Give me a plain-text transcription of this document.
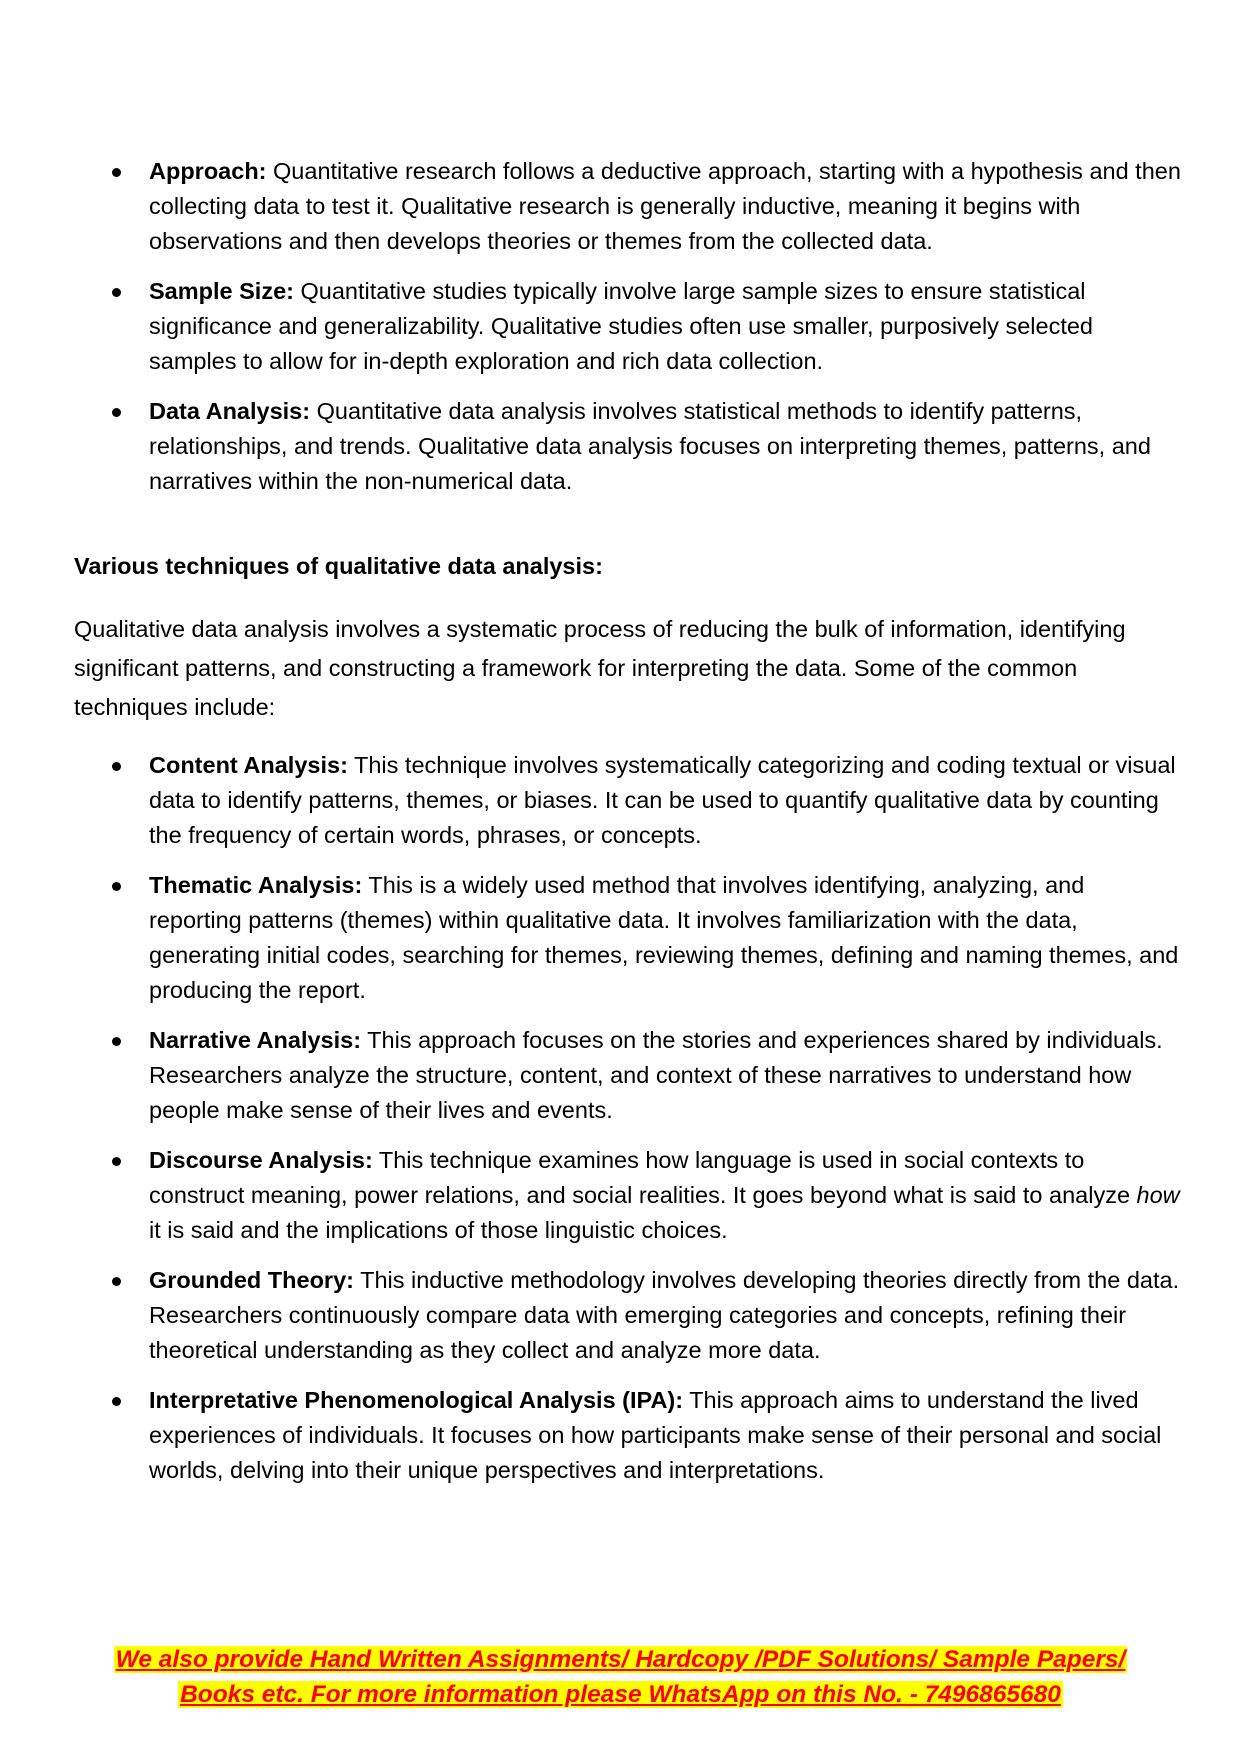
Approach: Quantitative research follows a deductive approach, starting with a hypothesis and then collecting data to test it. Qualitative research is generally inductive, meaning it begins with observations and then develops theories or themes from the collected data.
Sample Size: Quantitative studies typically involve large sample sizes to ensure statistical significance and generalizability. Qualitative studies often use smaller, purposively selected samples to allow for in-depth exploration and rich data collection.
Data Analysis: Quantitative data analysis involves statistical methods to identify patterns, relationships, and trends. Qualitative data analysis focuses on interpreting themes, patterns, and narratives within the non-numerical data.
Various techniques of qualitative data analysis:

Qualitative data analysis involves a systematic process of reducing the bulk of information, identifying significant patterns, and constructing a framework for interpreting the data. Some of the common techniques include:

Content Analysis: This technique involves systematically categorizing and coding textual or visual data to identify patterns, themes, or biases. It can be used to quantify qualitative data by counting the frequency of certain words, phrases, or concepts.
Thematic Analysis: This is a widely used method that involves identifying, analyzing, and reporting patterns (themes) within qualitative data. It involves familiarization with the data, generating initial codes, searching for themes, reviewing themes, defining and naming themes, and producing the report.
Narrative Analysis: This approach focuses on the stories and experiences shared by individuals. Researchers analyze the structure, content, and context of these narratives to understand how people make sense of their lives and events.
Discourse Analysis: This technique examines how language is used in social contexts to construct meaning, power relations, and social realities. It goes beyond what is said to analyze how it is said and the implications of those linguistic choices.
Grounded Theory: This inductive methodology involves developing theories directly from the data. Researchers continuously compare data with emerging categories and concepts, refining their theoretical understanding as they collect and analyze more data.
Interpretative Phenomenological Analysis (IPA): This approach aims to understand the lived experiences of individuals. It focuses on how participants make sense of their personal and social worlds, delving into their unique perspectives and interpretations.
We also provide Hand Written Assignments/ Hardcopy /PDF Solutions/ Sample Papers/
Books etc. For more information please WhatsApp on this No. - 7496865680
